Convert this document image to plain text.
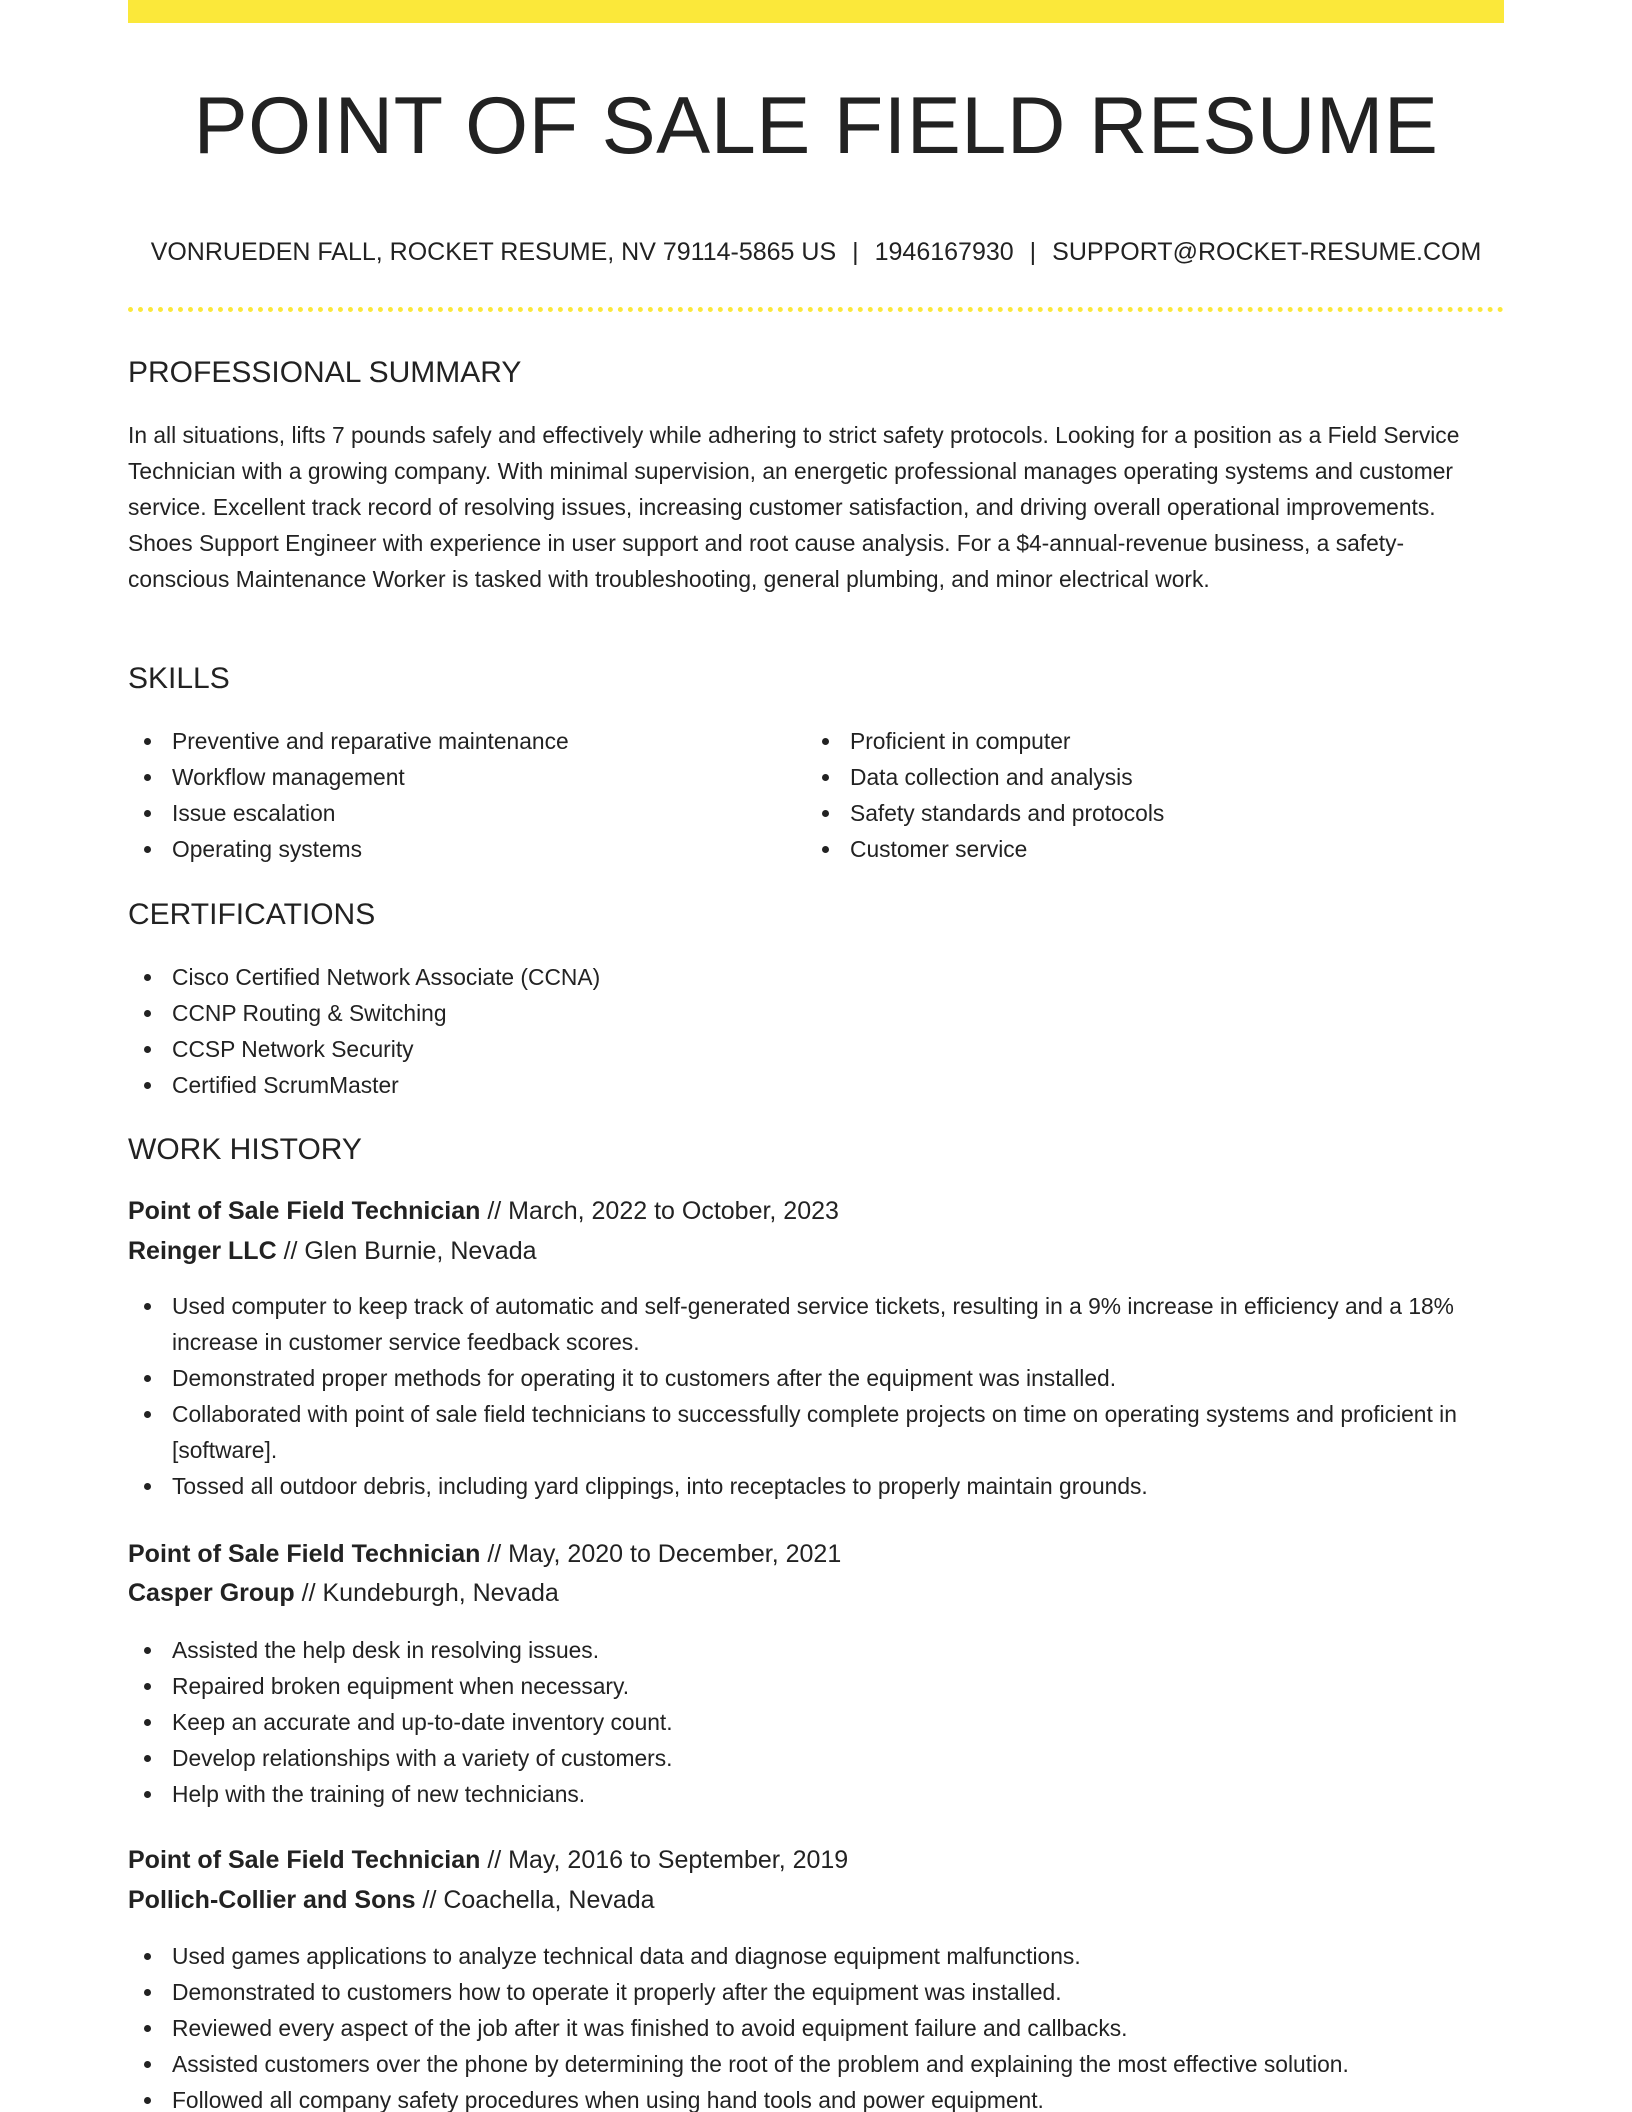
POINT OF SALE FIELD RESUME
VONRUEDEN FALL, ROCKET RESUME, NV 79114-5865 US | 1946167930 | SUPPORT@ROCKET-RESUME.COM
PROFESSIONAL SUMMARY

In all situations, lifts 7 pounds safely and effectively while adhering to strict safety protocols. Looking for a position as a Field Service Technician with a growing company. With minimal supervision, an energetic professional manages operating systems and customer service. Excellent track record of resolving issues, increasing customer satisfaction, and driving overall operational improvements. Shoes Support Engineer with experience in user support and root cause analysis. For a $4-annual-revenue business, a safety-conscious Maintenance Worker is tasked with troubleshooting, general plumbing, and minor electrical work.

SKILLS
Preventive and reparative maintenance
Workflow management
Issue escalation
Operating systems
Proficient in computer
Data collection and analysis
Safety standards and protocols
Customer service
CERTIFICATIONS
Cisco Certified Network Associate (CCNA)
CCNP Routing & Switching
CCSP Network Security
Certified ScrumMaster
WORK HISTORY
Point of Sale Field Technician // March, 2022 to October, 2023
Reinger LLC // Glen Burnie, Nevada
Used computer to keep track of automatic and self-generated service tickets, resulting in a 9% increase in efficiency and a 18% increase in customer service feedback scores.
Demonstrated proper methods for operating it to customers after the equipment was installed.
Collaborated with point of sale field technicians to successfully complete projects on time on operating systems and proficient in [software].
Tossed all outdoor debris, including yard clippings, into receptacles to properly maintain grounds.
Point of Sale Field Technician // May, 2020 to December, 2021
Casper Group // Kundeburgh, Nevada
Assisted the help desk in resolving issues.
Repaired broken equipment when necessary.
Keep an accurate and up-to-date inventory count.
Develop relationships with a variety of customers.
Help with the training of new technicians.
Point of Sale Field Technician // May, 2016 to September, 2019
Pollich-Collier and Sons // Coachella, Nevada
Used games applications to analyze technical data and diagnose equipment malfunctions.
Demonstrated to customers how to operate it properly after the equipment was installed.
Reviewed every aspect of the job after it was finished to avoid equipment failure and callbacks.
Assisted customers over the phone by determining the root of the problem and explaining the most effective solution.
Followed all company safety procedures when using hand tools and power equipment.
